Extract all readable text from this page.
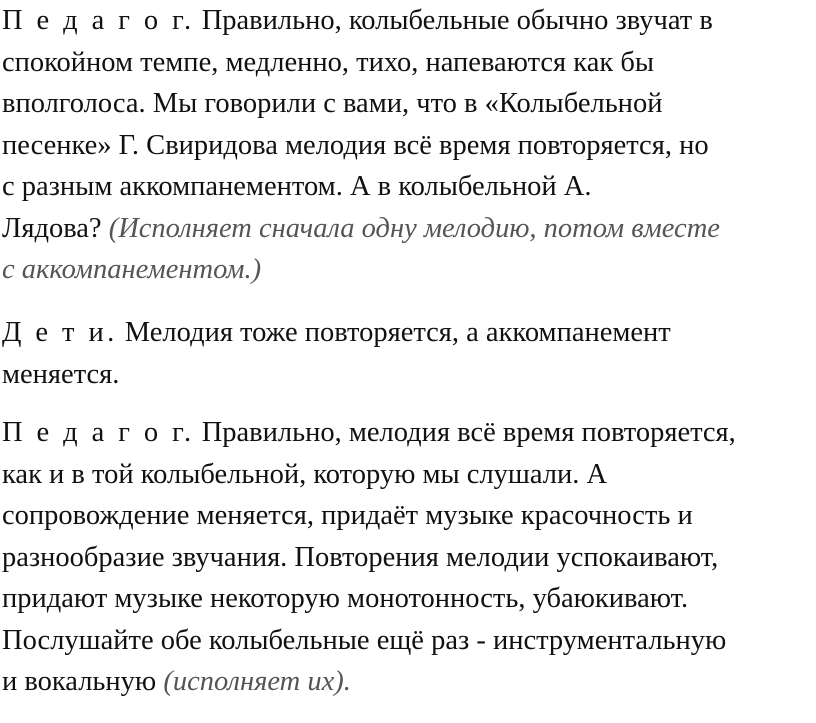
П е д а г о г. Правильно, колыбельные обычно звучат в
спокойном темпе, медленно, тихо, напеваются как бы
вполголоса. Мы говорили с вами, что в «Колыбельной
песенке» Г. Свиридова мелодия всё время повторяется, но
с разным аккомпанементом. А в колыбельной А.
Лядова? (Исполняет сначала одну мелодию, потом вместе
с аккомпанементом.)

Д е т и. Мелодия тоже повторяется, а аккомпанемент
меняется.

П е д а г о г. Правильно, мелодия всё время повторяется,
как и в той колыбельной, которую мы слушали. А
сопровождение меняется, придаёт музыке красочность и
разнообразие звучания. Повторения мелодии успокаивают,
придают музыке некоторую монотонность, убаюкивают.
Послушайте обе колыбельные ещё раз - инструментальную
и вокальную (исполняет их).
